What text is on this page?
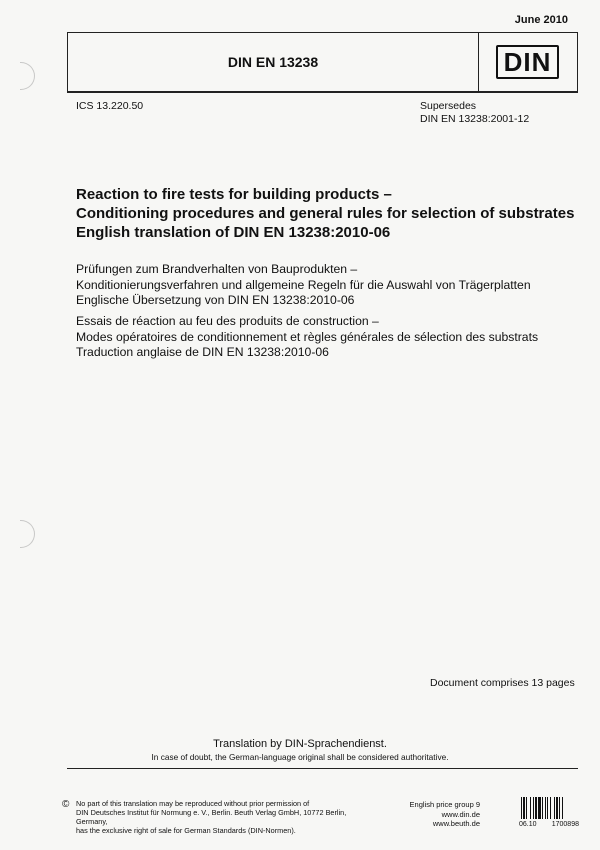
June 2010
DIN EN 13238	DIN
ICS 13.220.50	Supersedes
DIN EN 13238:2001-12
Reaction to fire tests for building products –
Conditioning procedures and general rules for selection of substrates
English translation of DIN EN 13238:2010-06
Prüfungen zum Brandverhalten von Bauprodukten –
Konditionierungsverfahren und allgemeine Regeln für die Auswahl von Trägerplatten
Englische Übersetzung von DIN EN 13238:2010-06
Essais de réaction au feu des produits de construction –
Modes opératoires de conditionnement et règles générales de sélection des substrats
Traduction anglaise de DIN EN 13238:2010-06
Document comprises 13 pages
Translation by DIN-Sprachendienst.
In case of doubt, the German-language original shall be considered authoritative.
© No part of this translation may be reproduced without prior permission of
DIN Deutsches Institut für Normung e. V., Berlin. Beuth Verlag GmbH, 10772 Berlin, Germany,
has the exclusive right of sale for German Standards (DIN-Normen).
English price group 9
www.din.de
www.beuth.de	06.10 1700898
